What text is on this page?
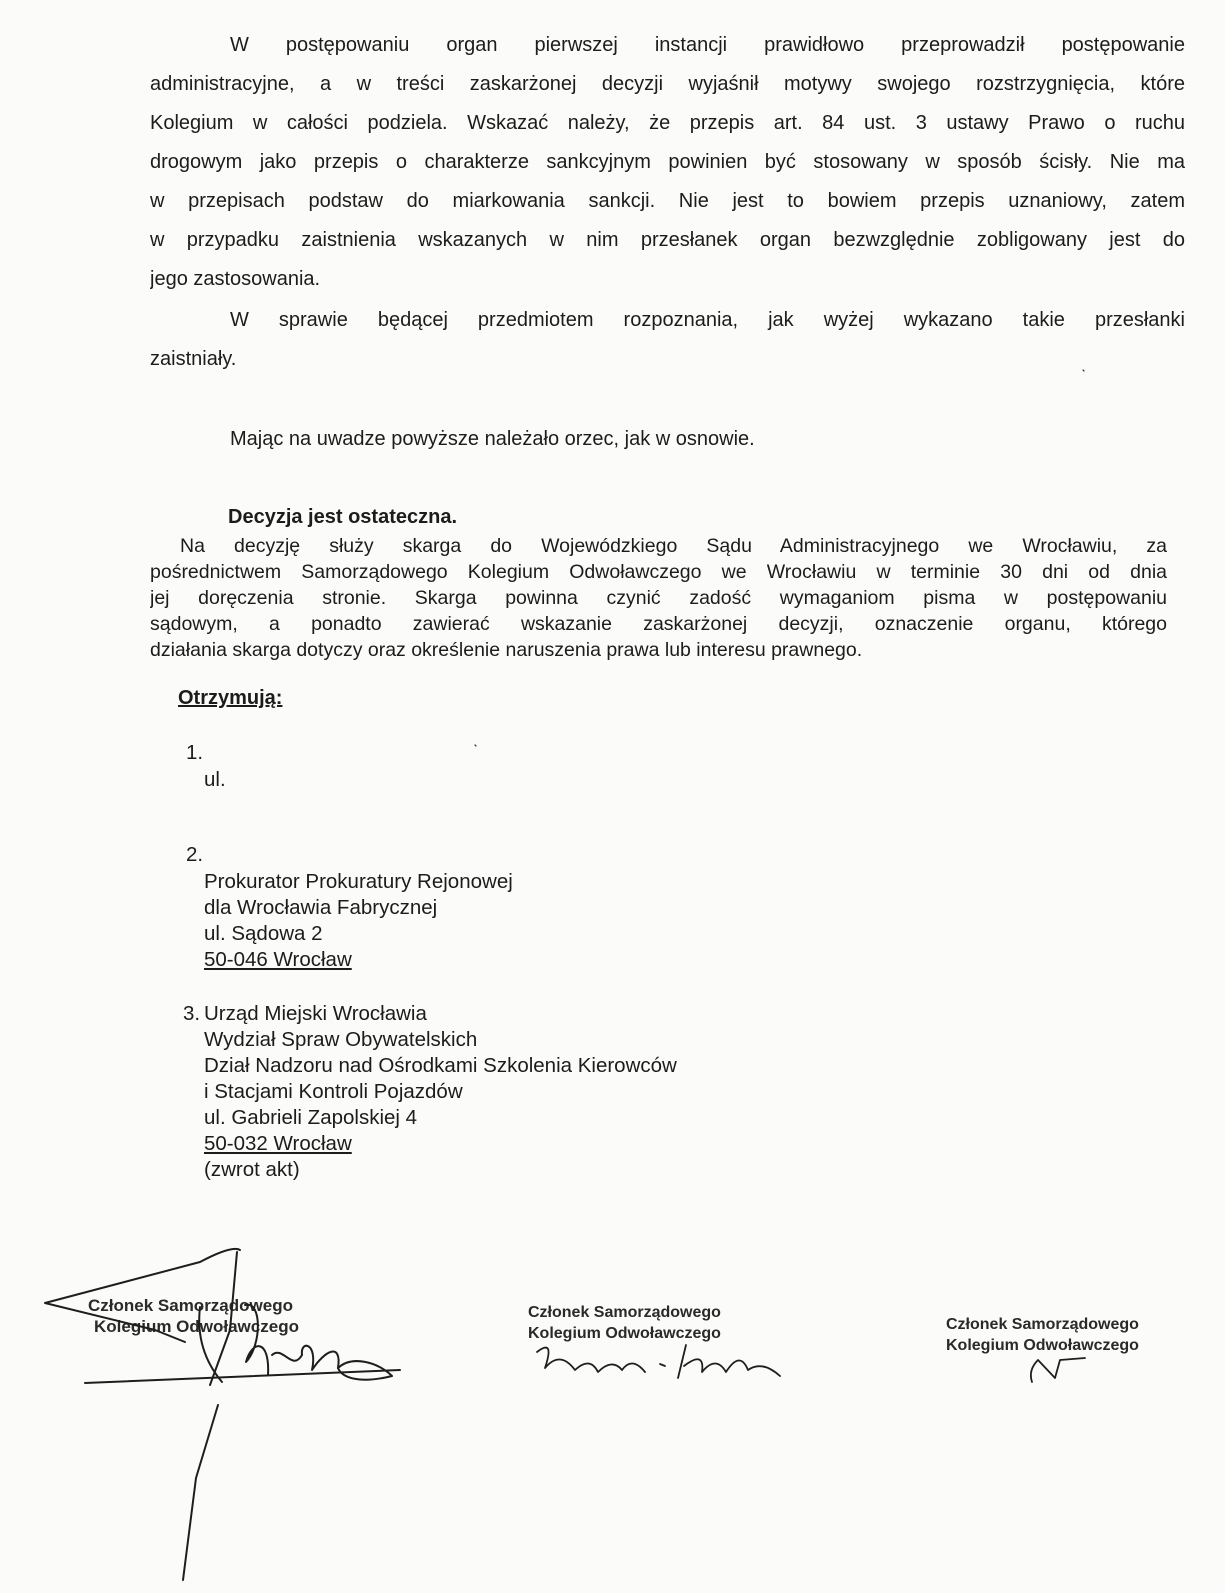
W postępowaniu organ pierwszej instancji prawidłowo przeprowadził postępowanie
administracyjne, a w treści zaskarżonej decyzji wyjaśnił motywy swojego rozstrzygnięcia, które
Kolegium w całości podziela. Wskazać należy, że przepis art. 84 ust. 3 ustawy Prawo o ruchu
drogowym jako przepis o charakterze sankcyjnym powinien być stosowany w sposób ścisły. Nie ma
w przepisach podstaw do miarkowania sankcji. Nie jest to bowiem przepis uznaniowy, zatem
w przypadku zaistnienia wskazanych w nim przesłanek organ bezwzględnie zobligowany jest do
jego zastosowania.
W sprawie będącej przedmiotem rozpoznania, jak wyżej wykazano takie przesłanki
zaistniały.
Mając na uwadze powyższe należało orzec, jak w osnowie.
Decyzja jest ostateczna.
Na decyzję służy skarga do Wojewódzkiego Sądu Administracyjnego we Wrocławiu, za
pośrednictwem Samorządowego Kolegium Odwoławczego we Wrocławiu w terminie 30 dni od dnia
jej doręczenia stronie. Skarga powinna czynić zadość wymaganiom pisma w postępowaniu
sądowym, a ponadto zawierać wskazanie zaskarżonej decyzji, oznaczenie organu, którego
działania skarga dotyczy oraz określenie naruszenia prawa lub interesu prawnego.
Otrzymują:
1.
ul.
2.
Prokurator Prokuratury Rejonowej
dla Wrocławia Fabrycznej
ul. Sądowa 2
50-046 Wrocław
3. Urząd Miejski Wrocławia
Wydział Spraw Obywatelskich
Dział Nadzoru nad Ośrodkami Szkolenia Kierowców
i Stacjami Kontroli Pojazdów
ul. Gabrieli Zapolskiej 4
50-032 Wrocław
(zwrot akt)
Członek Samorządowego
Kolegium Odwoławczego
Członek Samorządowego
Kolegium Odwoławczego
Członek Samorządowego
Kolegium Odwoławczego
